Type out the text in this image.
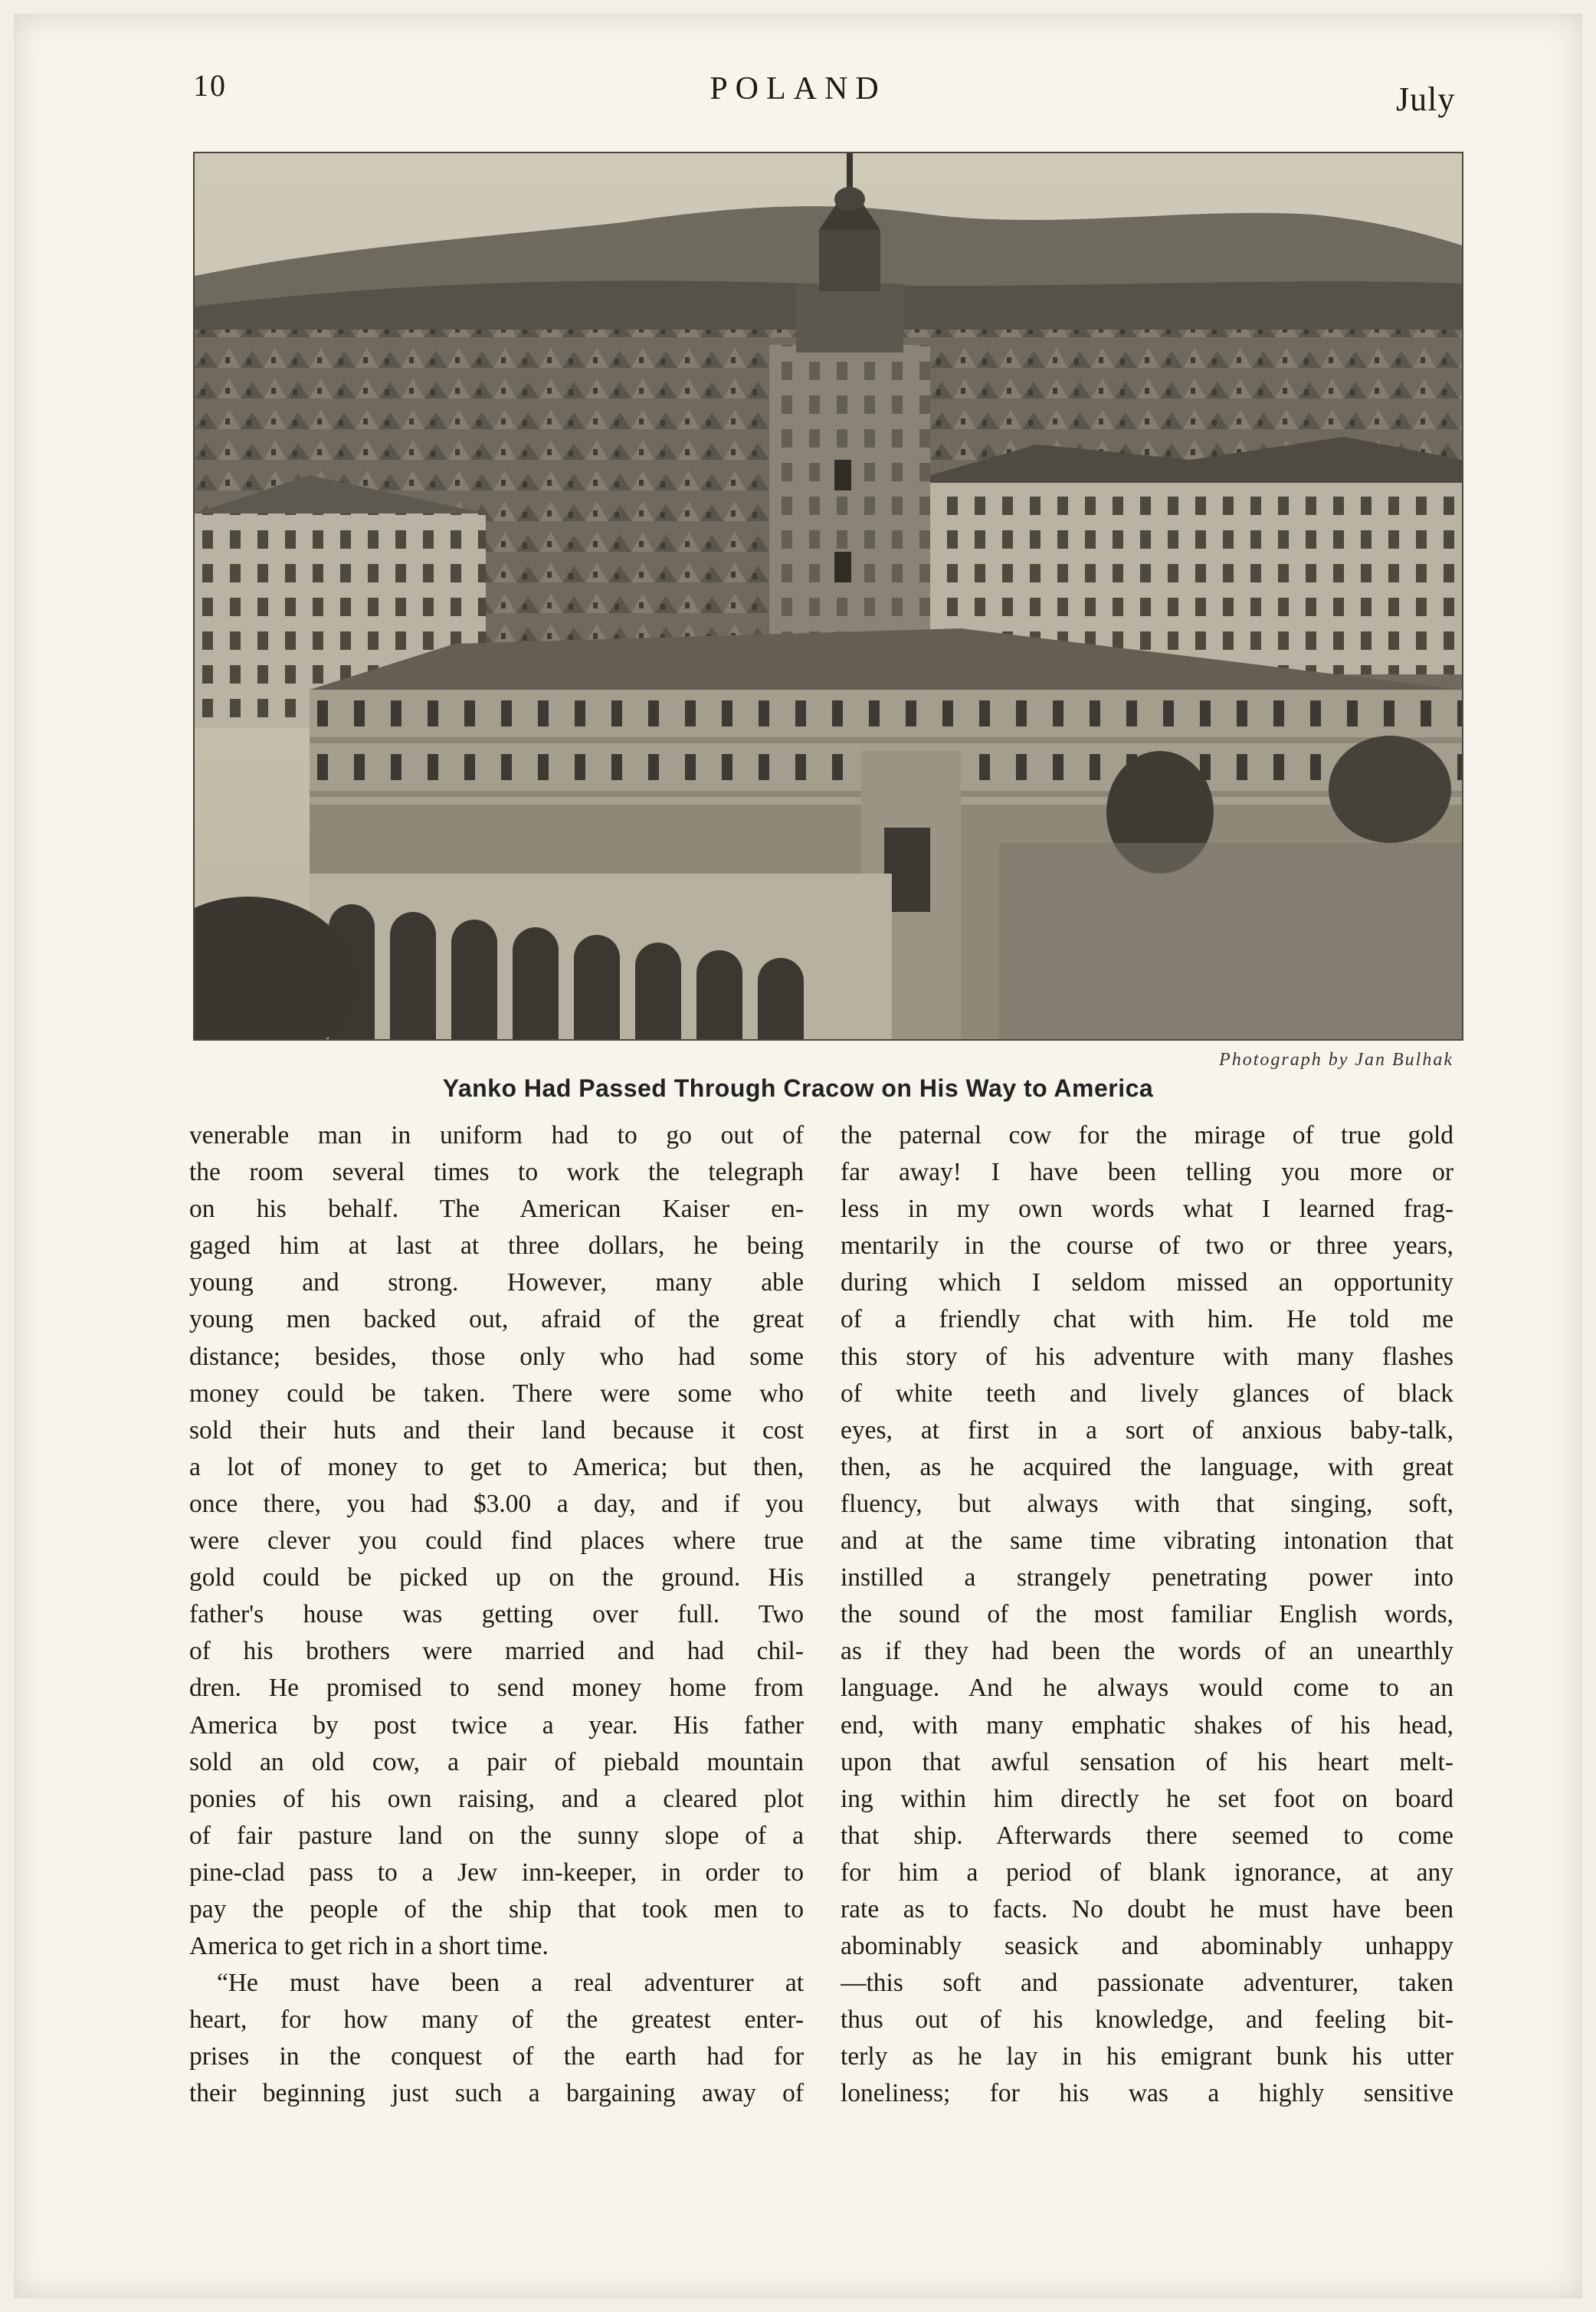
10	POLAND	July
Photograph by Jan Bulhak
Yanko Had Passed Through Cracow on His Way to America
venerable man in uniform had to go out of
the room several times to work the telegraph
on his behalf. The American Kaiser en-
gaged him at last at three dollars, he being
young and strong. However, many able
young men backed out, afraid of the great
distance; besides, those only who had some
money could be taken. There were some who
sold their huts and their land because it cost
a lot of money to get to America; but then,
once there, you had $3.00 a day, and if you
were clever you could find places where true
gold could be picked up on the ground. His
father's house was getting over full. Two
of his brothers were married and had chil-
dren. He promised to send money home from
America by post twice a year. His father
sold an old cow, a pair of piebald mountain
ponies of his own raising, and a cleared plot
of fair pasture land on the sunny slope of a
pine-clad pass to a Jew inn-keeper, in order to
pay the people of the ship that took men to
America to get rich in a short time.
“He must have been a real adventurer at
heart, for how many of the greatest enter-
prises in the conquest of the earth had for
their beginning just such a bargaining away of
the paternal cow for the mirage of true gold
far away! I have been telling you more or
less in my own words what I learned frag-
mentarily in the course of two or three years,
during which I seldom missed an opportunity
of a friendly chat with him. He told me
this story of his adventure with many flashes
of white teeth and lively glances of black
eyes, at first in a sort of anxious baby-talk,
then, as he acquired the language, with great
fluency, but always with that singing, soft,
and at the same time vibrating intonation that
instilled a strangely penetrating power into
the sound of the most familiar English words,
as if they had been the words of an unearthly
language. And he always would come to an
end, with many emphatic shakes of his head,
upon that awful sensation of his heart melt-
ing within him directly he set foot on board
that ship. Afterwards there seemed to come
for him a period of blank ignorance, at any
rate as to facts. No doubt he must have been
abominably seasick and abominably unhappy
—this soft and passionate adventurer, taken
thus out of his knowledge, and feeling bit-
terly as he lay in his emigrant bunk his utter
loneliness; for his was a highly sensitive
